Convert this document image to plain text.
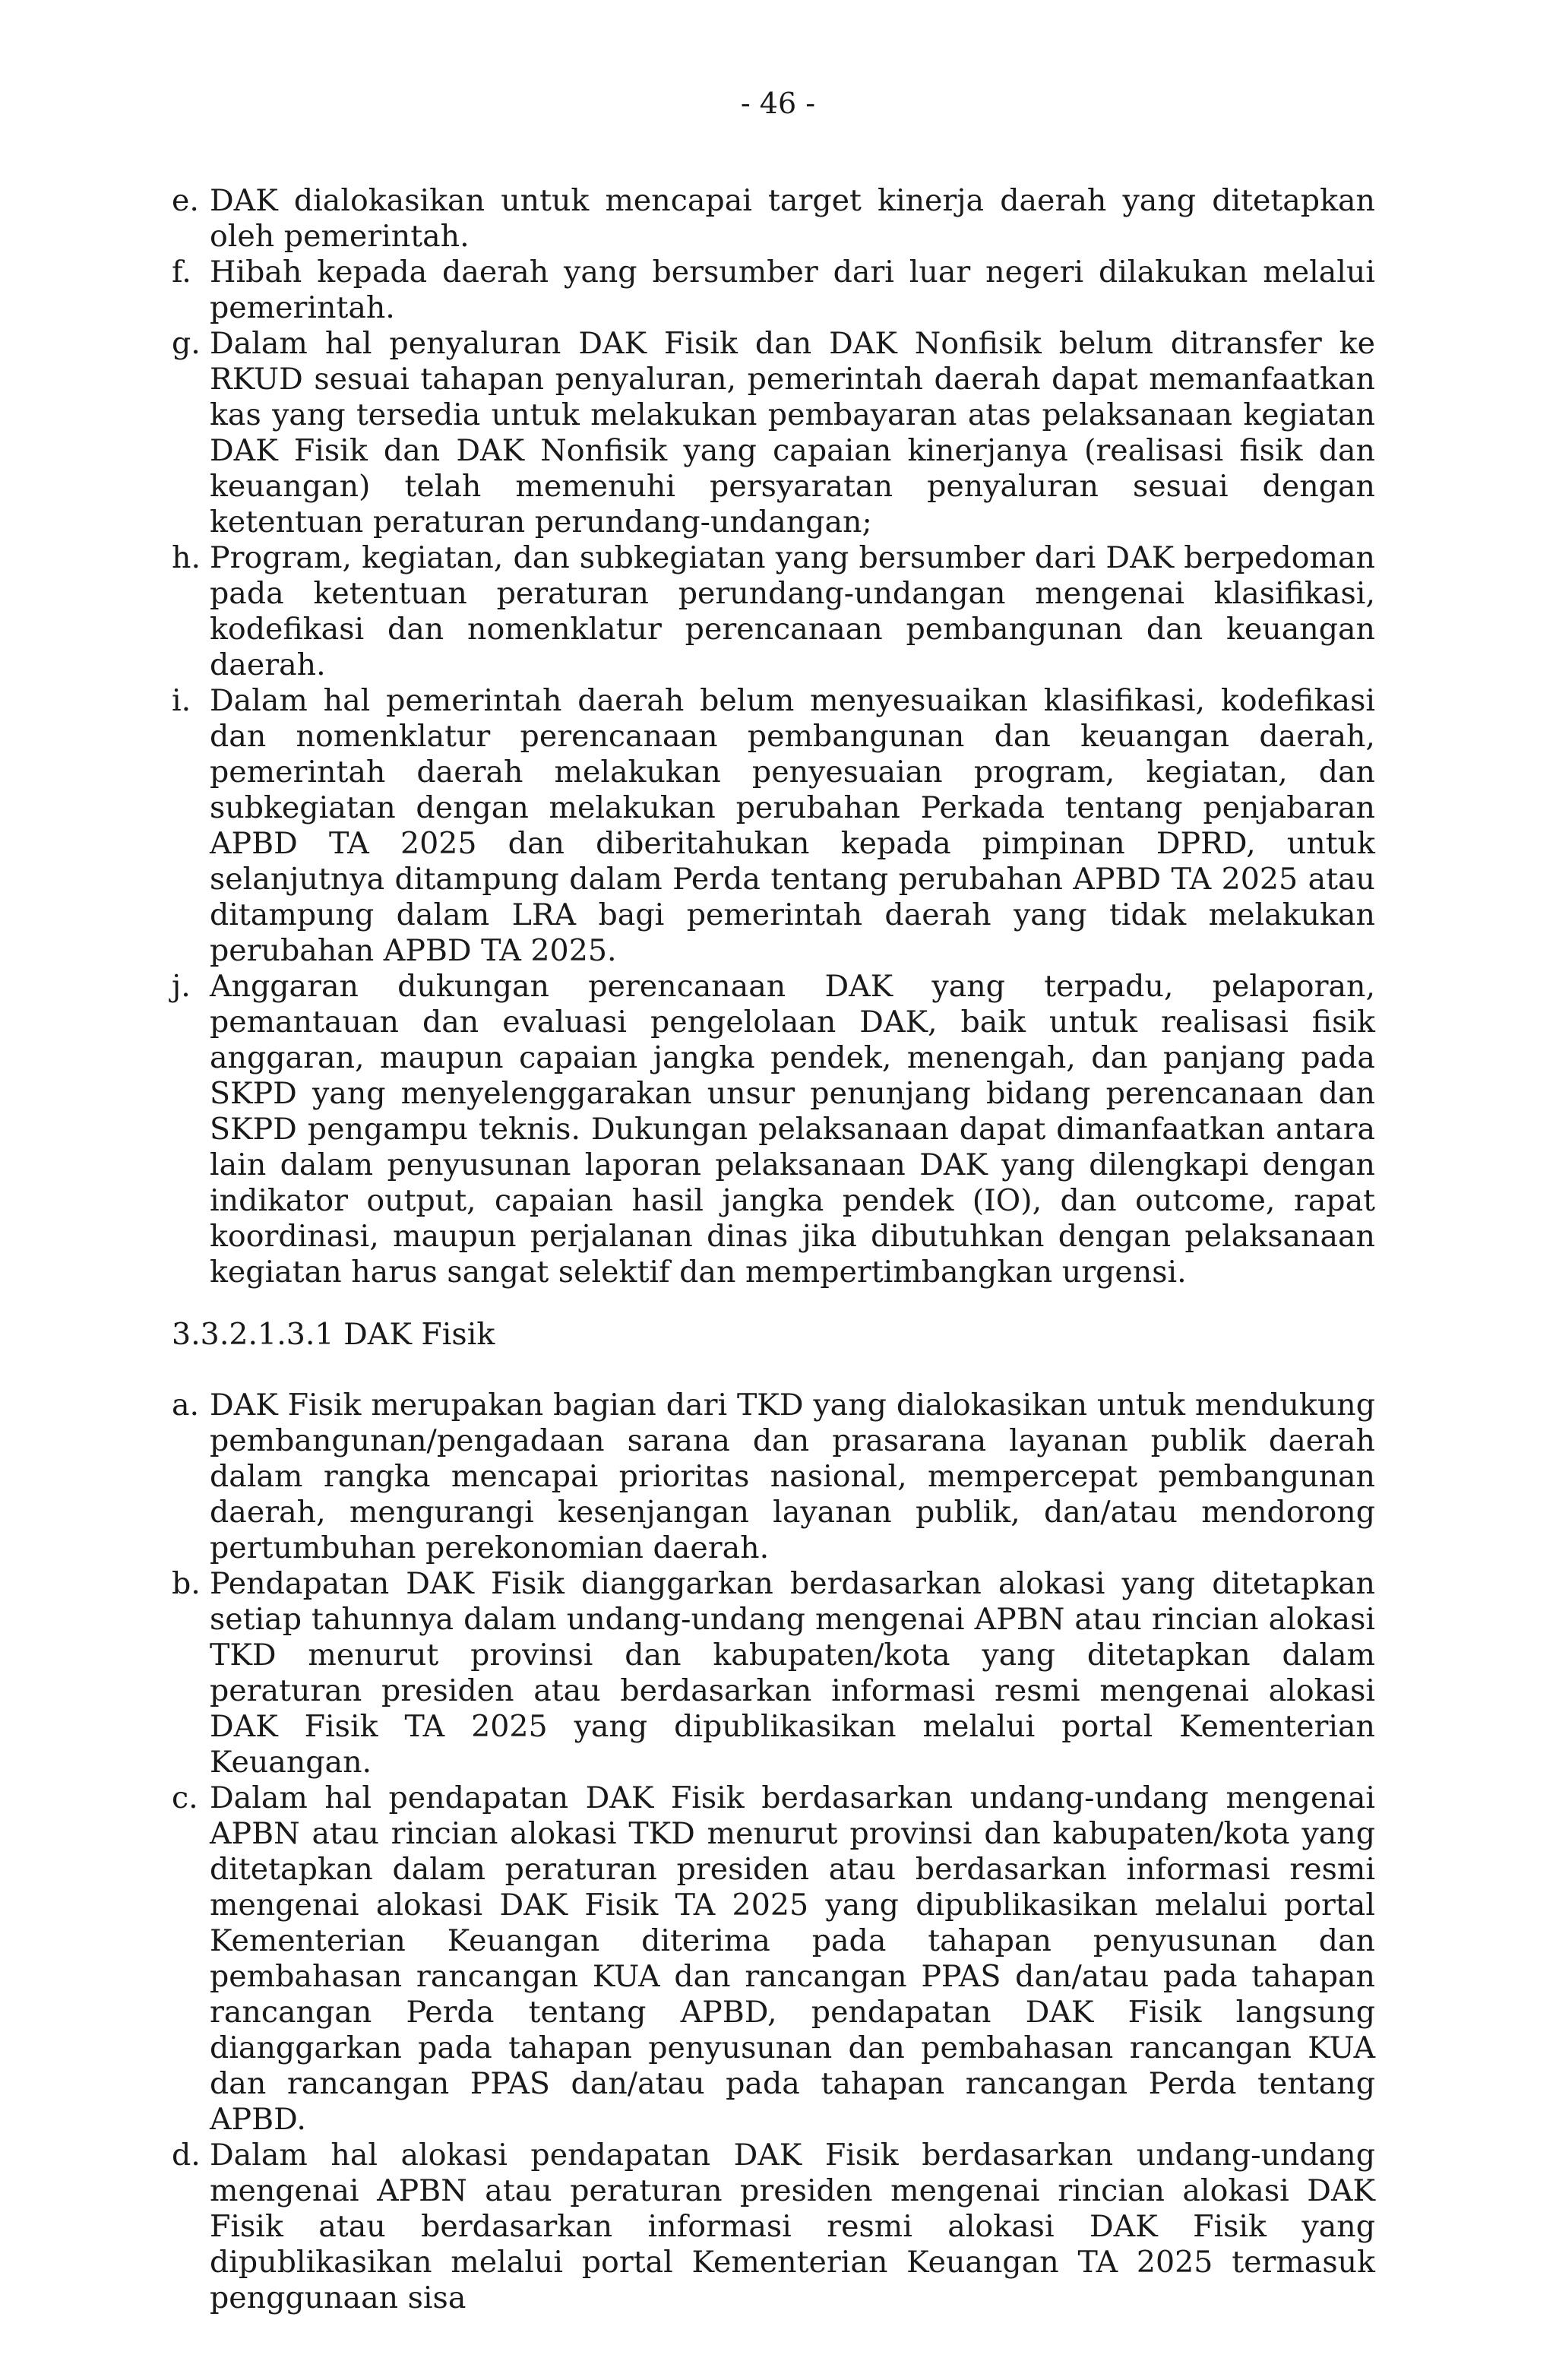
- 46 -
e. DAK dialokasikan untuk mencapai target kinerja daerah yang ditetapkan oleh pemerintah.
f. Hibah kepada daerah yang bersumber dari luar negeri dilakukan melalui pemerintah.
g. Dalam hal penyaluran DAK Fisik dan DAK Nonfisik belum ditransfer ke RKUD sesuai tahapan penyaluran, pemerintah daerah dapat memanfaatkan kas yang tersedia untuk melakukan pembayaran atas pelaksanaan kegiatan DAK Fisik dan DAK Nonfisik yang capaian kinerjanya (realisasi fisik dan keuangan) telah memenuhi persyaratan penyaluran sesuai dengan ketentuan peraturan perundang-undangan;
h. Program, kegiatan, dan subkegiatan yang bersumber dari DAK berpedoman pada ketentuan peraturan perundang-undangan mengenai klasifikasi, kodefikasi dan nomenklatur perencanaan pembangunan dan keuangan daerah.
i. Dalam hal pemerintah daerah belum menyesuaikan klasifikasi, kodefikasi dan nomenklatur perencanaan pembangunan dan keuangan daerah, pemerintah daerah melakukan penyesuaian program, kegiatan, dan subkegiatan dengan melakukan perubahan Perkada tentang penjabaran APBD TA 2025 dan diberitahukan kepada pimpinan DPRD, untuk selanjutnya ditampung dalam Perda tentang perubahan APBD TA 2025 atau ditampung dalam LRA bagi pemerintah daerah yang tidak melakukan perubahan APBD TA 2025.
j. Anggaran dukungan perencanaan DAK yang terpadu, pelaporan, pemantauan dan evaluasi pengelolaan DAK, baik untuk realisasi fisik anggaran, maupun capaian jangka pendek, menengah, dan panjang pada SKPD yang menyelenggarakan unsur penunjang bidang perencanaan dan SKPD pengampu teknis. Dukungan pelaksanaan dapat dimanfaatkan antara lain dalam penyusunan laporan pelaksanaan DAK yang dilengkapi dengan indikator output, capaian hasil jangka pendek (IO), dan outcome, rapat koordinasi, maupun perjalanan dinas jika dibutuhkan dengan pelaksanaan kegiatan harus sangat selektif dan mempertimbangkan urgensi.
3.3.2.1.3.1 DAK Fisik
a. DAK Fisik merupakan bagian dari TKD yang dialokasikan untuk mendukung pembangunan/pengadaan sarana dan prasarana layanan publik daerah dalam rangka mencapai prioritas nasional, mempercepat pembangunan daerah, mengurangi kesenjangan layanan publik, dan/atau mendorong pertumbuhan perekonomian daerah.
b. Pendapatan DAK Fisik dianggarkan berdasarkan alokasi yang ditetapkan setiap tahunnya dalam undang-undang mengenai APBN atau rincian alokasi TKD menurut provinsi dan kabupaten/kota yang ditetapkan dalam peraturan presiden atau berdasarkan informasi resmi mengenai alokasi DAK Fisik TA 2025 yang dipublikasikan melalui portal Kementerian Keuangan.
c. Dalam hal pendapatan DAK Fisik berdasarkan undang-undang mengenai APBN atau rincian alokasi TKD menurut provinsi dan kabupaten/kota yang ditetapkan dalam peraturan presiden atau berdasarkan informasi resmi mengenai alokasi DAK Fisik TA 2025 yang dipublikasikan melalui portal Kementerian Keuangan diterima pada tahapan penyusunan dan pembahasan rancangan KUA dan rancangan PPAS dan/atau pada tahapan rancangan Perda tentang APBD, pendapatan DAK Fisik langsung dianggarkan pada tahapan penyusunan dan pembahasan rancangan KUA dan rancangan PPAS dan/atau pada tahapan rancangan Perda tentang APBD.
d. Dalam hal alokasi pendapatan DAK Fisik berdasarkan undang-undang mengenai APBN atau peraturan presiden mengenai rincian alokasi DAK Fisik atau berdasarkan informasi resmi alokasi DAK Fisik yang dipublikasikan melalui portal Kementerian Keuangan TA 2025 termasuk penggunaan sisa
